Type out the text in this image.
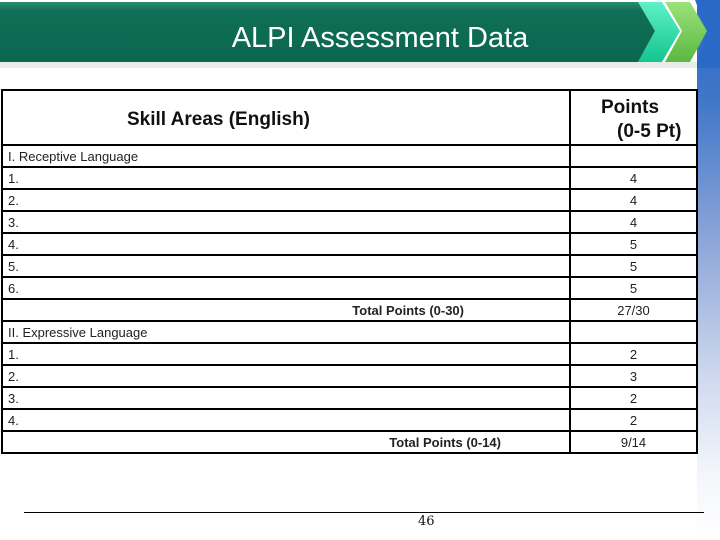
ALPI Assessment Data
Skill Areas (English)	Points
(0-5 Pt)

I. Receptive Language	
1.	4
2.	4
3.	4
4.	5
5.	5
6.	5
Total Points (0-30)	27/30
II. Expressive Language	
1.	2
2.	3
3.	2
4.	2
Total Points (0-14)	9/14
46
